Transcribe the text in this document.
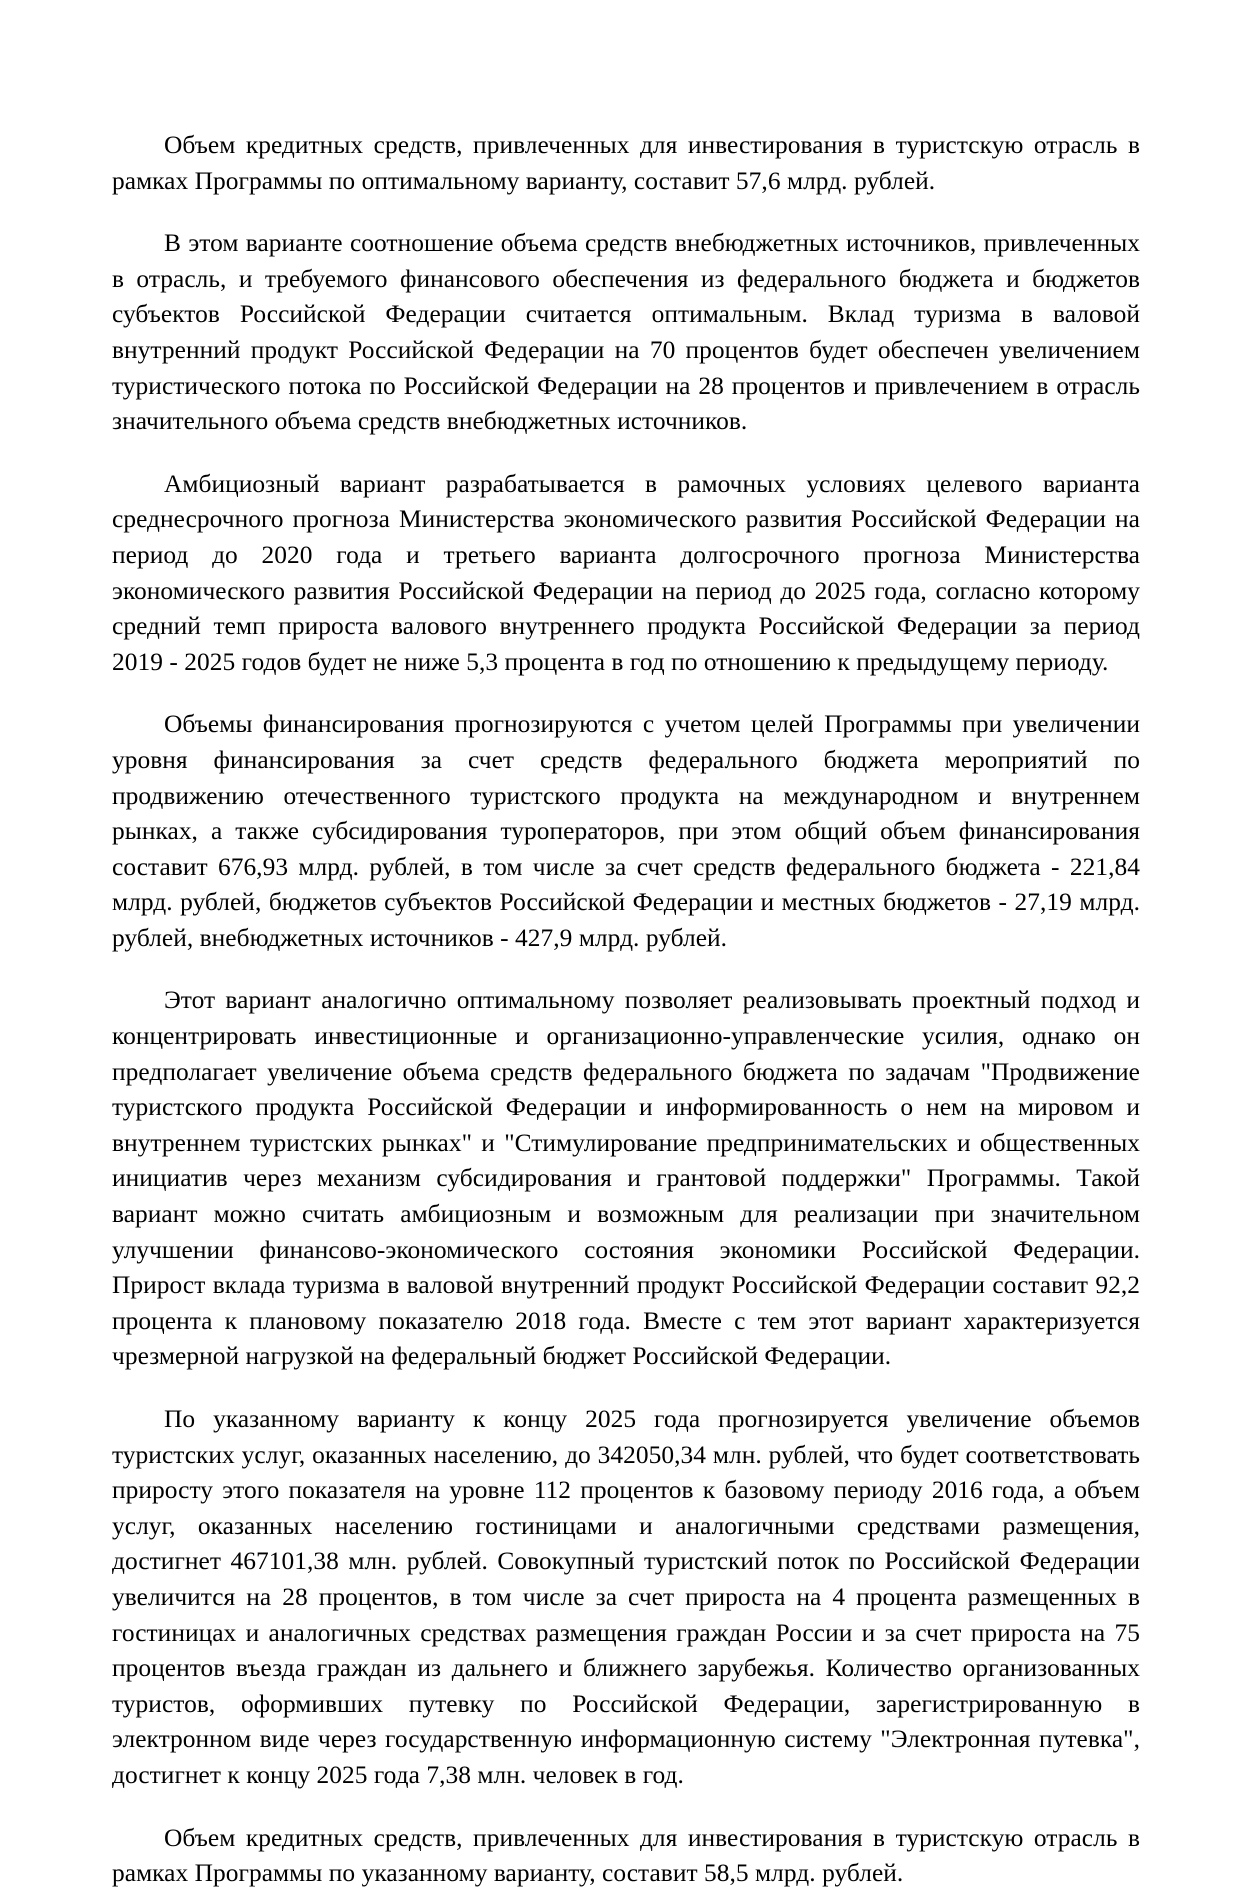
Объем кредитных средств, привлеченных для инвестирования в туристскую отрасль в рамках Программы по оптимальному варианту, составит 57,6 млрд. рублей.

В этом варианте соотношение объема средств внебюджетных источников, привлеченных в отрасль, и требуемого финансового обеспечения из федерального бюджета и бюджетов субъектов Российской Федерации считается оптимальным. Вклад туризма в валовой внутренний продукт Российской Федерации на 70 процентов будет обеспечен увеличением туристического потока по Российской Федерации на 28 процентов и привлечением в отрасль значительного объема средств внебюджетных источников.

Амбициозный вариант разрабатывается в рамочных условиях целевого варианта среднесрочного прогноза Министерства экономического развития Российской Федерации на период до 2020 года и третьего варианта долгосрочного прогноза Министерства экономического развития Российской Федерации на период до 2025 года, согласно которому средний темп прироста валового внутреннего продукта Российской Федерации за период 2019 - 2025 годов будет не ниже 5,3 процента в год по отношению к предыдущему периоду.

Объемы финансирования прогнозируются с учетом целей Программы при увеличении уровня финансирования за счет средств федерального бюджета мероприятий по продвижению отечественного туристского продукта на международном и внутреннем рынках, а также субсидирования туроператоров, при этом общий объем финансирования составит 676,93 млрд. рублей, в том числе за счет средств федерального бюджета - 221,84 млрд. рублей, бюджетов субъектов Российской Федерации и местных бюджетов - 27,19 млрд. рублей, внебюджетных источников - 427,9 млрд. рублей.

Этот вариант аналогично оптимальному позволяет реализовывать проектный подход и концентрировать инвестиционные и организационно-управленческие усилия, однако он предполагает увеличение объема средств федерального бюджета по задачам "Продвижение туристского продукта Российской Федерации и информированность о нем на мировом и внутреннем туристских рынках" и "Стимулирование предпринимательских и общественных инициатив через механизм субсидирования и грантовой поддержки" Программы. Такой вариант можно считать амбициозным и возможным для реализации при значительном улучшении финансово-экономического состояния экономики Российской Федерации. Прирост вклада туризма в валовой внутренний продукт Российской Федерации составит 92,2 процента к плановому показателю 2018 года. Вместе с тем этот вариант характеризуется чрезмерной нагрузкой на федеральный бюджет Российской Федерации.

По указанному варианту к концу 2025 года прогнозируется увеличение объемов туристских услуг, оказанных населению, до 342050,34 млн. рублей, что будет соответствовать приросту этого показателя на уровне 112 процентов к базовому периоду 2016 года, а объем услуг, оказанных населению гостиницами и аналогичными средствами размещения, достигнет 467101,38 млн. рублей. Совокупный туристский поток по Российской Федерации увеличится на 28 процентов, в том числе за счет прироста на 4 процента размещенных в гостиницах и аналогичных средствах размещения граждан России и за счет прироста на 75 процентов въезда граждан из дальнего и ближнего зарубежья. Количество организованных туристов, оформивших путевку по Российской Федерации, зарегистрированную в электронном виде через государственную информационную систему "Электронная путевка", достигнет к концу 2025 года 7,38 млн. человек в год.

Объем кредитных средств, привлеченных для инвестирования в туристскую отрасль в рамках Программы по указанному варианту, составит 58,5 млрд. рублей.
